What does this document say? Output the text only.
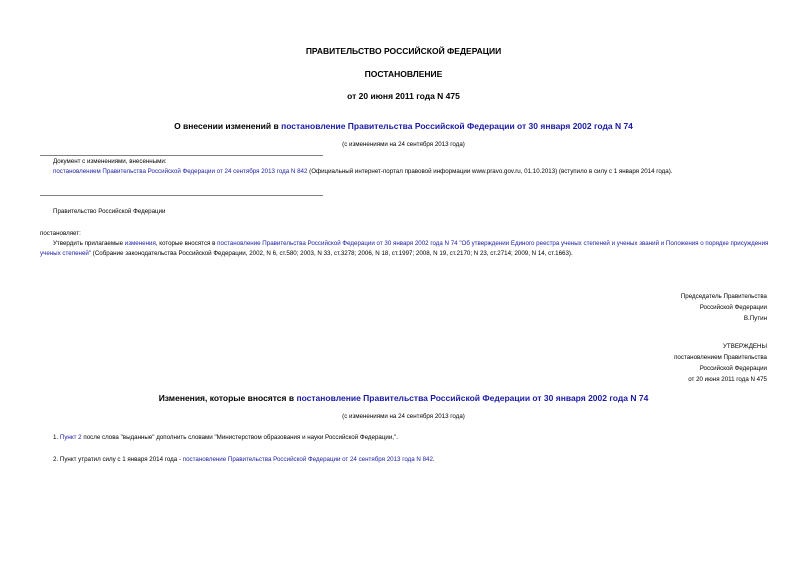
ПРАВИТЕЛЬСТВО РОССИЙСКОЙ ФЕДЕРАЦИИ
ПОСТАНОВЛЕНИЕ
от 20 июня 2011 года N 475
О внесении изменений в постановление Правительства Российской Федерации от 30 января 2002 года N 74
(с изменениями на 24 сентября 2013 года)
Документ с изменениями, внесенными:
постановлением Правительства Российской Федерации от 24 сентября 2013 года N 842 (Официальный интернет-портал правовой информации www.pravo.gov.ru, 01.10.2013) (вступило в силу с 1 января 2014 года).
Правительство Российской Федерации
постановляет:
Утвердить прилагаемые изменения, которые вносятся в постановление Правительства Российской Федерации от 30 января 2002 года N 74 "Об утверждении Единого реестра ученых степеней и ученых званий и Положения о порядке присуждения ученых степеней" (Собрание законодательства Российской Федерации, 2002, N 6, ст.580; 2003, N 33, ст.3278; 2006, N 18, ст.1997; 2008, N 19, ст.2170; N 23, ст.2714; 2009, N 14, ст.1663).
Председатель Правительства
Российской Федерации
В.Путин
УТВЕРЖДЕНЫ
постановлением Правительства
Российской Федерации
от 20 июня 2011 года N 475
Изменения, которые вносятся в постановление Правительства Российской Федерации от 30 января 2002 года N 74
(с изменениями на 24 сентября 2013 года)
1. Пункт 2 после слова "выданные" дополнить словами "Министерством образования и науки Российской Федерации,".
2. Пункт утратил силу с 1 января 2014 года - постановление Правительства Российской Федерации от 24 сентября 2013 года N 842.
